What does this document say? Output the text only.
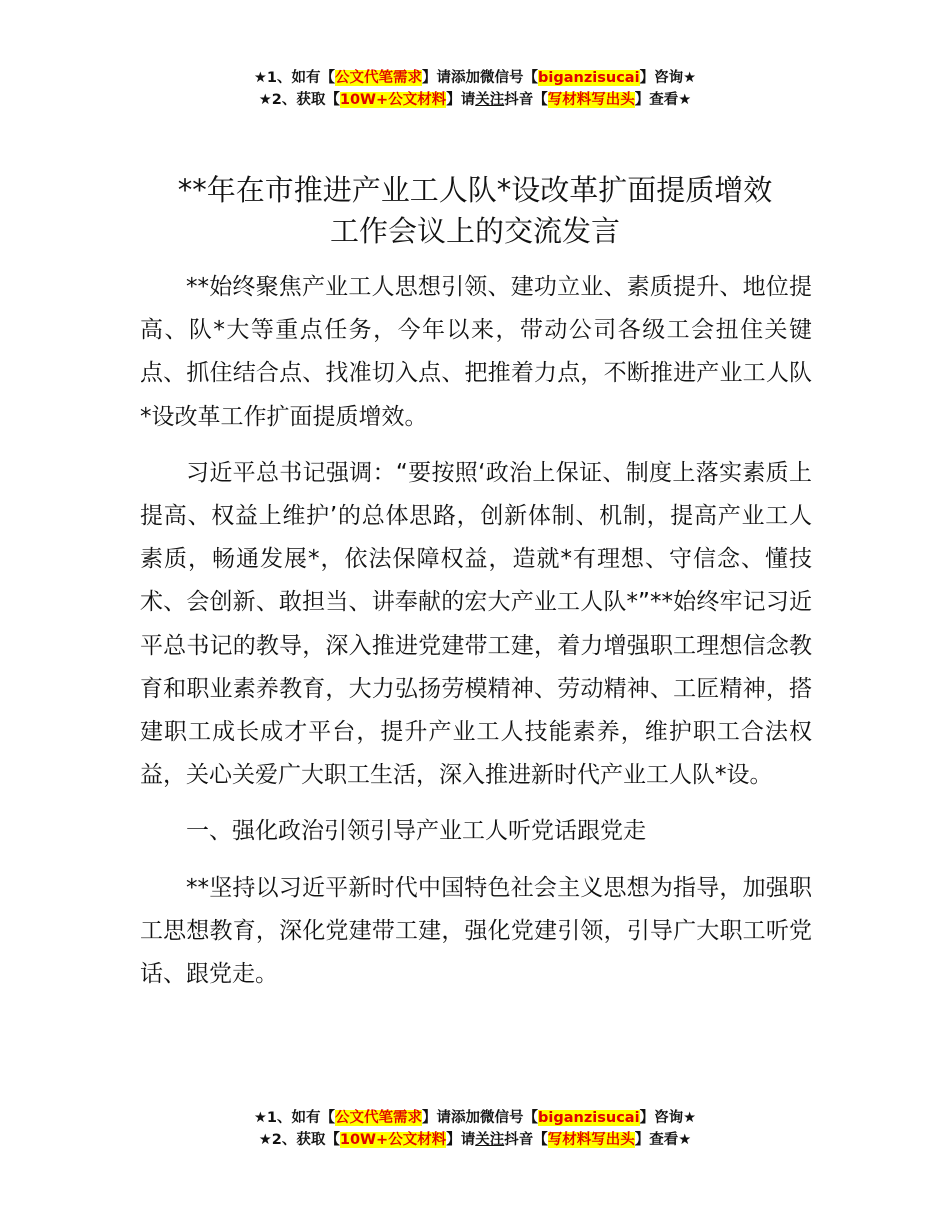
★1、如有【公文代笔需求】请添加微信号【biganzisucai】咨询★
★2、获取【10W+公文材料】请关注抖音【写材料写出头】查看★
**年在市推进产业工人队*设改革扩面提质增效
工作会议上的交流发言

**始终聚焦产业工人思想引领、建功立业、素质提升、地位提高、队*大等重点任务，今年以来，带动公司各级工会扭住关键点、抓住结合点、找准切入点、把推着力点，不断推进产业工人队*设改革工作扩面提质增效。

习近平总书记强调：“要按照‘政治上保证、制度上落实素质上提高、权益上维护’的总体思路，创新体制、机制，提高产业工人素质，畅通发展*，依法保障权益，造就*有理想、守信念、懂技术、会创新、敢担当、讲奉献的宏大产业工人队*”**始终牢记习近平总书记的教导，深入推进党建带工建，着力增强职工理想信念教育和职业素养教育，大力弘扬劳模精神、劳动精神、工匠精神，搭建职工成长成才平台，提升产业工人技能素养，维护职工合法权益，关心关爱广大职工生活，深入推进新时代产业工人队*设。

一、强化政治引领引导产业工人听党话跟党走

**坚持以习近平新时代中国特色社会主义思想为指导，加强职工思想教育，深化党建带工建，强化党建引领，引导广大职工听党话、跟党走。

★1、如有【公文代笔需求】请添加微信号【biganzisucai】咨询★
★2、获取【10W+公文材料】请关注抖音【写材料写出头】查看★
